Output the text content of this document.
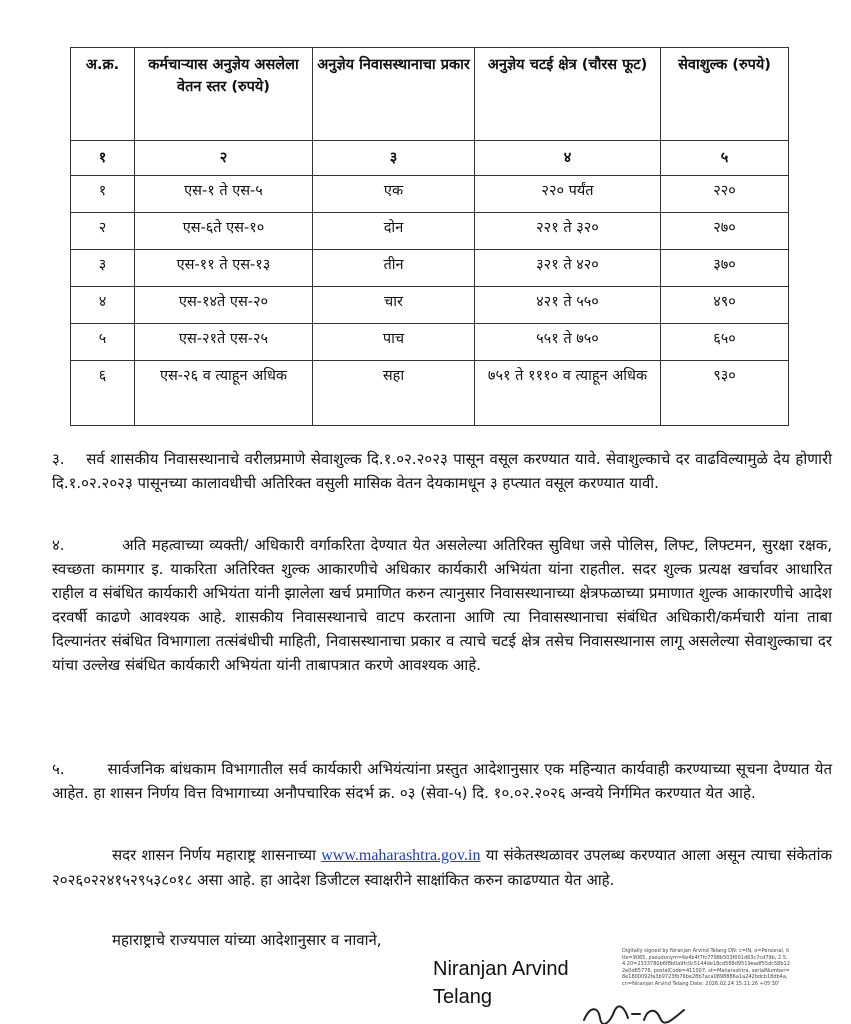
अ.क्र.	कर्मचाऱ्यास अनुज्ञेय असलेला वेतन स्तर (रुपये)	अनुज्ञेय निवासस्थानाचा प्रकार	अनुज्ञेय चटई क्षेत्र (चौरस फूट)	सेवाशुल्क (रुपये)
१	२	३	४	५
१	एस-१ ते एस-५	एक	२२० पर्यंत	२२०
२	एस-६ते एस-१०	दोन	२२१ ते ३२०	२७०
३	एस-११ ते एस-१३	तीन	३२१ ते ४२०	३७०
४	एस-१४ते एस-२०	चार	४२१ ते ५५०	४९०
५	एस-२१ते एस-२५	पाच	५५१ ते ७५०	६५०
६	एस-२६ व त्याहून अधिक	सहा	७५१ ते १११० व त्याहून अधिक	९३०

३. सर्व शासकीय निवासस्थानाचे वरीलप्रमाणे सेवाशुल्क दि.१.०२.२०२३ पासून वसूल करण्यात यावे. सेवाशुल्काचे दर वाढविल्यामुळे देय होणारी दि.१.०२.२०२३ पासूनच्या कालावधीची अतिरिक्त वसुली मासिक वेतन देयकामधून ३ हप्त्यात वसूल करण्यात यावी.

४.	अति महत्वाच्या व्यक्ती/ अधिकारी वर्गाकरिता देण्यात येत असलेल्या अतिरिक्त सुविधा जसे पोलिस, लिफ्ट, लिफ्टमन, सुरक्षा रक्षक, स्वच्छता कामगार इ. याकरिता अतिरिक्त शुल्क आकारणीचे अधिकार कार्यकारी अभियंता यांना राहतील. सदर शुल्क प्रत्यक्ष खर्चावर आधारित राहील व संबंधित कार्यकारी अभियंता यांनी झालेला खर्च प्रमाणित करुन त्यानुसार निवासस्थानाच्या क्षेत्रफळाच्या प्रमाणात शुल्क आकारणीचे आदेश दरवर्षी काढणे आवश्यक आहे. शासकीय निवासस्थानाचे वाटप करताना आणि त्या निवासस्थानाचा संबंधित अधिकारी/कर्मचारी यांना ताबा दिल्यानंतर संबंधित विभागाला तत्संबंधीची माहिती, निवासस्थानाचा प्रकार व त्याचे चटई क्षेत्र तसेच निवासस्थानास लागू असलेल्या सेवाशुल्काचा दर यांचा उल्लेख संबंधित कार्यकारी अभियंता यांनी ताबापत्रात करणे आवश्यक आहे.

५.	सार्वजनिक बांधकाम विभागातील सर्व कार्यकारी अभियंत्यांना प्रस्तुत आदेशानुसार एक महिन्यात कार्यवाही करण्याच्या सूचना देण्यात येत आहेत. हा शासन निर्णय वित्त विभागाच्या अनौपचारिक संदर्भ क्र. ०३ (सेवा-५) दि. १०.०२.२०२६ अन्वये निर्गमित करण्यात येत आहे.

सदर शासन निर्णय महाराष्ट्र शासनाच्या www.maharashtra.gov.in या संकेतस्थळावर उपलब्ध करण्यात आला असून त्याचा संकेतांक २०२६०२२४१५२९५३८०१८ असा आहे. हा आदेश डिजीटल स्वाक्षरीने साक्षांकित करुन काढण्यात येत आहे.

महाराष्ट्राचे राज्यपाल यांच्या आदेशानुसार व नावाने,

Niranjan Arvind
Telang
Digitally signed by Niranjan Arvind Telang DN: c=IN, o=Personal, title=9065, pseudonym=6e4b4f7fc7798b503f001d63c7cd79b, 2.5.4.20=2333780b6f8b0a9fc0c5144de18cd588d9519eadf55dc58b122e0d65776, postalCode=411007, st=Maharashtra, serialNumber=8e1800092fa3b9723fb76be28b7aca0898886a1a242bdcb18db4a, cn=Niranjan Arvind Telang Date: 2026.02.24 15:11:26 +05'30'
